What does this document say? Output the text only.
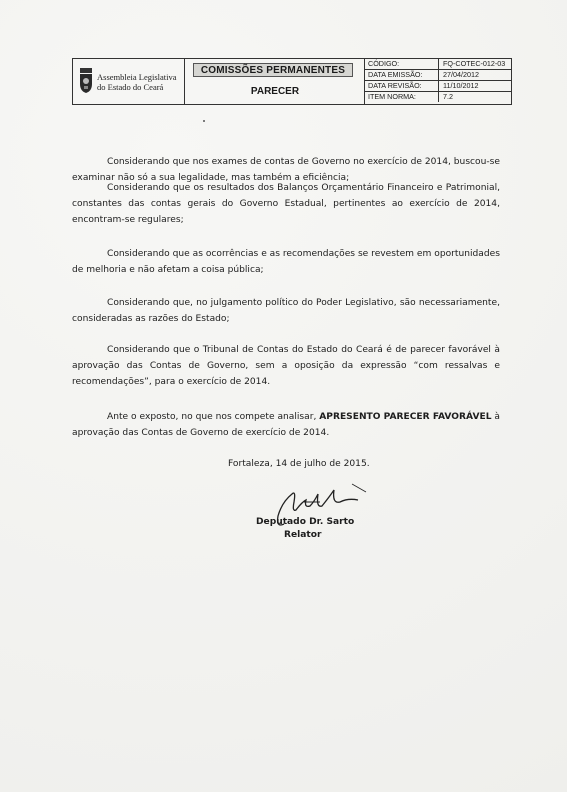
Assembleia Legislativa
do Estado do Ceará
COMISSÕES PERMANENTES
PARECER
CÓDIGO:	FQ-COTEC-012-03
DATA EMISSÃO:	27/04/2012
DATA REVISÃO:	11/10/2012
ITEM NORMA:	7.2
Considerando que nos exames de contas de Governo no exercício de 2014, buscou-se examinar não só a sua legalidade, mas também a eficiência;
Considerando que os resultados dos Balanços Orçamentário Financeiro e Patrimonial, constantes das contas gerais do Governo Estadual, pertinentes ao exercício de 2014, encontram-se regulares;
Considerando que as ocorrências e as recomendações se revestem em oportunidades de melhoria e não afetam a coisa pública;
Considerando que, no julgamento político do Poder Legislativo, são necessariamente, consideradas as razões do Estado;
Considerando que o Tribunal de Contas do Estado do Ceará é de parecer favorável à aprovação das Contas de Governo, sem a oposição da expressão “com ressalvas e recomendações”, para o exercício de 2014.
Ante o exposto, no que nos compete analisar, APRESENTO PARECER FAVORÁVEL à aprovação das Contas de Governo de exercício de 2014.
Fortaleza, 14 de julho de 2015.
Deputado Dr. Sarto
Relator
